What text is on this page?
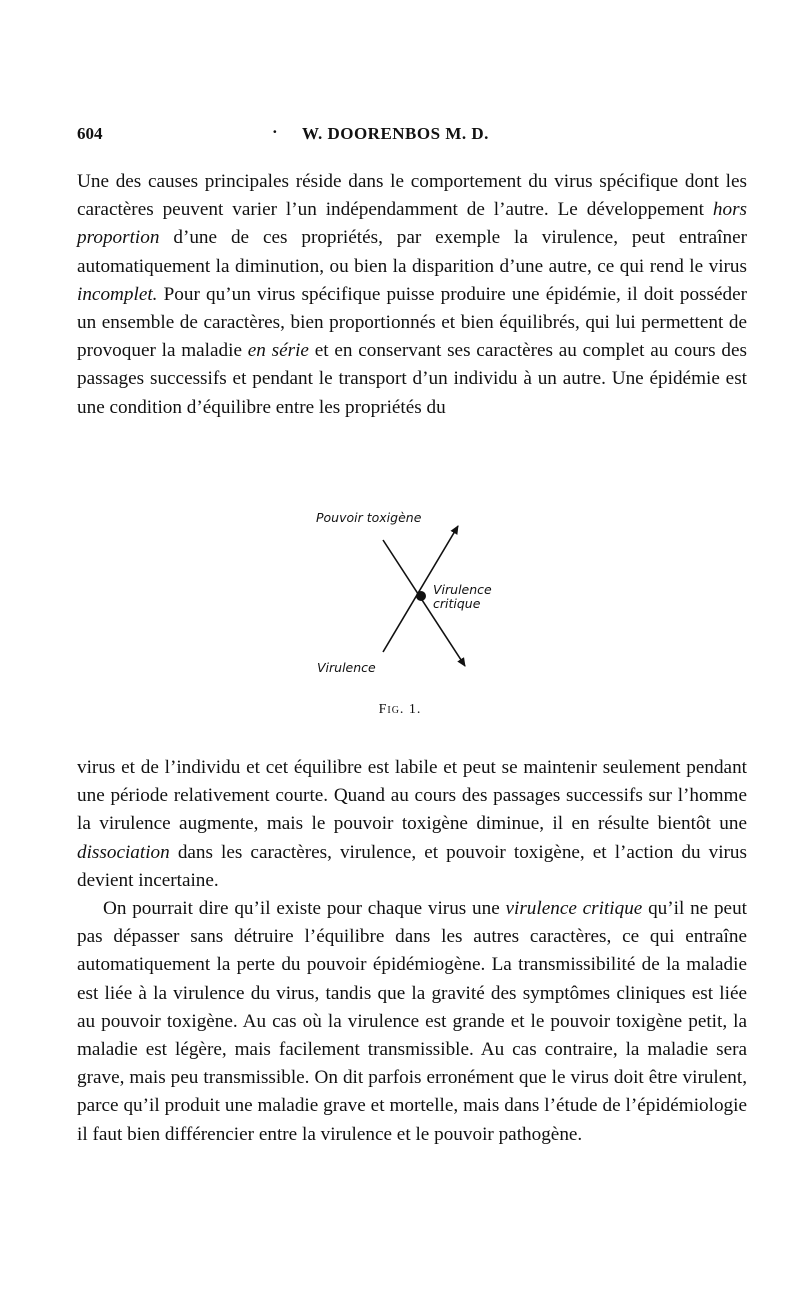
604	· W. DOORENBOS M. D.

Une des causes principales réside dans le comportement du virus spécifique dont les caractères peuvent varier l’un indépendamment de l’autre. Le développement hors proportion d’une de ces propriétés, par exemple la virulence, peut entraîner automatiquement la diminution, ou bien la disparition d’une autre, ce qui rend le virus incomplet. Pour qu’un virus spécifique puisse produire une épidémie, il doit posséder un ensemble de caractères, bien proportionnés et bien équilibrés, qui lui permettent de provoquer la maladie en série et en conservant ses caractères au complet au cours des passages successifs et pendant le transport d’un individu à un autre. Une épidémie est une condition d’équilibre entre les propriétés du

Pouvoir toxigène
Virulence
critique
Virulence
Fig. 1.

virus et de l’individu et cet équilibre est labile et peut se maintenir seulement pendant une période relativement courte. Quand au cours des passages successifs sur l’homme la virulence augmente, mais le pouvoir toxigène diminue, il en résulte bientôt une dissociation dans les caractères, virulence, et pouvoir toxigène, et l’action du virus devient incertaine.

On pourrait dire qu’il existe pour chaque virus une virulence critique qu’il ne peut pas dépasser sans détruire l’équilibre dans les autres caractères, ce qui entraîne automatiquement la perte du pouvoir épidémiogène. La transmissibilité de la maladie est liée à la virulence du virus, tandis que la gravité des symptômes cliniques est liée au pouvoir toxigène. Au cas où la virulence est grande et le pouvoir toxigène petit, la maladie est légère, mais facilement transmissible. Au cas contraire, la maladie sera grave, mais peu transmissible. On dit parfois erronément que le virus doit être virulent, parce qu’il produit une maladie grave et mortelle, mais dans l’étude de l’épidémiologie il faut bien différencier entre la virulence et le pouvoir pathogène.
